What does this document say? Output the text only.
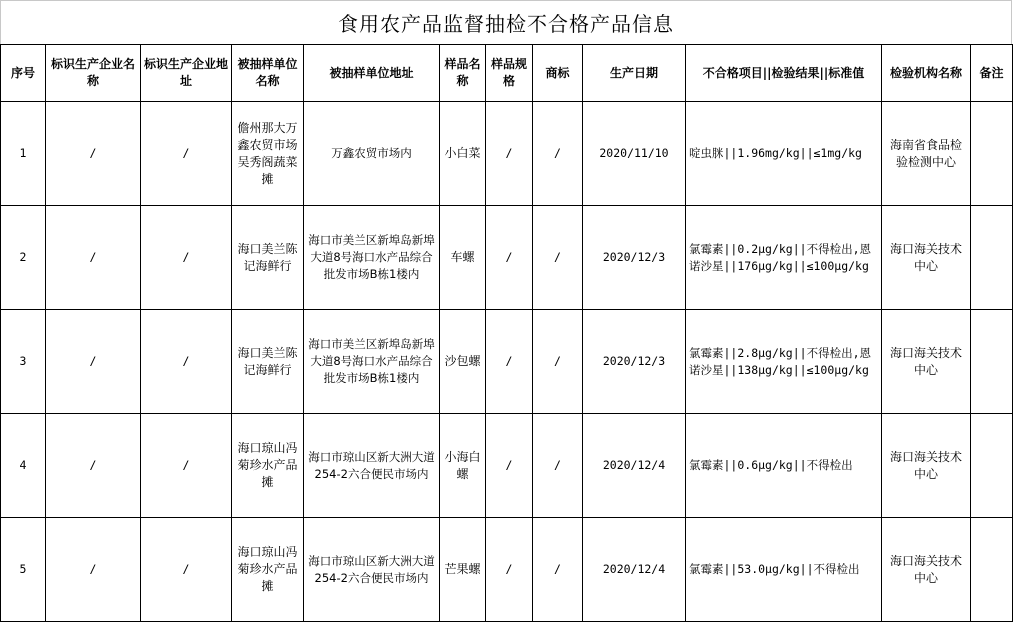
食用农产品监督抽检不合格产品信息
序号	标识生产企业名称	标识生产企业地址	被抽样单位名称	被抽样单位地址	样品名称	样品规格	商标	生产日期	不合格项目||检验结果||标准值	检验机构名称	备注
1	/	/	儋州那大万鑫农贸市场吴秀阁蔬菜摊	万鑫农贸市场内	小白菜	/	/	2020/11/10	啶虫脒||1.96mg/kg||≤1mg/kg	海南省食品检验检测中心	
2	/	/	海口美兰陈记海鲜行	海口市美兰区新埠岛新埠大道8号海口水产品综合批发市场B栋1楼内	车螺	/	/	2020/12/3	氯霉素||0.2μg/kg||不得检出,恩诺沙星||176μg/kg||≤100μg/kg	海口海关技术中心	
3	/	/	海口美兰陈记海鲜行	海口市美兰区新埠岛新埠大道8号海口水产品综合批发市场B栋1楼内	沙包螺	/	/	2020/12/3	氯霉素||2.8μg/kg||不得检出,恩诺沙星||138μg/kg||≤100μg/kg	海口海关技术中心	
4	/	/	海口琼山冯菊珍水产品摊	海口市琼山区新大洲大道254-2六合便民市场内	小海白螺	/	/	2020/12/4	氯霉素||0.6μg/kg||不得检出	海口海关技术中心	
5	/	/	海口琼山冯菊珍水产品摊	海口市琼山区新大洲大道254-2六合便民市场内	芒果螺	/	/	2020/12/4	氯霉素||53.0μg/kg||不得检出	海口海关技术中心	
